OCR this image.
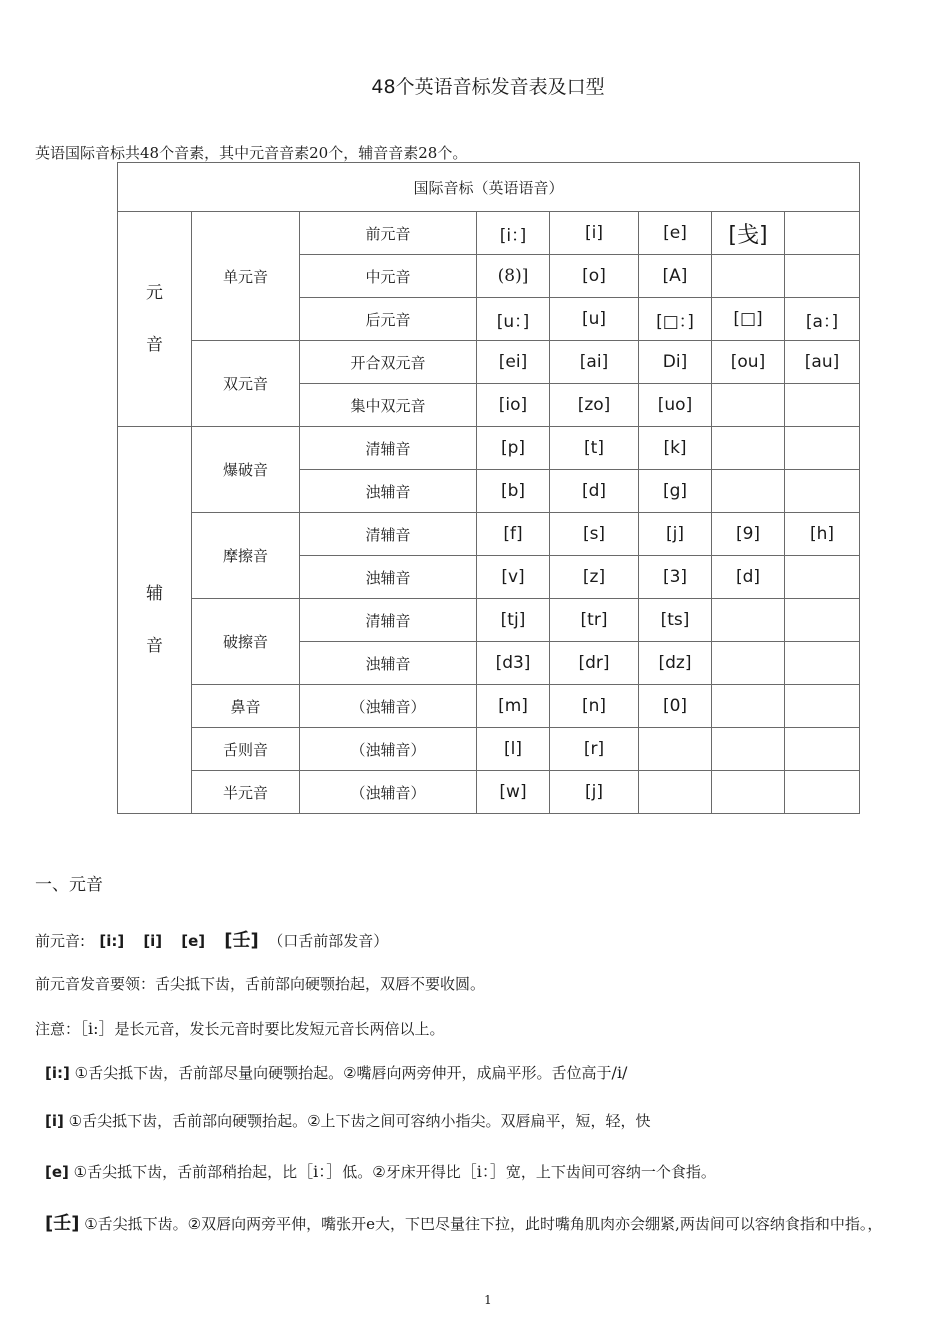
48个英语音标发音表及口型
英语国际音标共48个音素，其中元音音素20个，辅音音素28个。
国际音标（英语语音）							
元
音	单元音	前元音	[i：]	[i]	[e]	[戋]	
		中元音	(8)]	[o]	[A]		
		后元音	[u：]	[u]	[□：]	[□]	[a：]
	双元音	开合双元音	[ei]	[ai]	Di]	[ou]	[au]
		集中双元音	[io]	[zo]	[uo]		
辅
音	爆破音	清辅音	[p]	[t]	[k]		
		浊辅音	[b]	[d]	[g]		
	摩擦音	清辅音	[f]	[s]	[j]	[9]	[h]
		浊辅音	[v]	[z]	[3]	[d]	
	破擦音	清辅音	[tj]	[tr]	[ts]		
		浊辅音	[d3]	[dr]	[dz]		
	鼻音	（浊辅音）	[m]	[n]	[0]		
	舌则音	（浊辅音）	[l]	[r]			
	半元音	（浊辅音）	[w]	[j]			
一、元音
前元音: [i:] [i] [e] [壬] （口舌前部发音）
前元音发音要领：舌尖抵下齿，舌前部向硬颚抬起，双唇不要收圆。
注意：［i:］是长元音，发长元音时要比发短元音长两倍以上。
[i:] ①舌尖抵下齿，舌前部尽量向硬颚抬起。②嘴唇向两旁伸开，成扁平形。舌位高于/i/
[i] ①舌尖抵下齿，舌前部向硬颚抬起。②上下齿之间可容纳小指尖。双唇扁平，短，轻，快
[e] ①舌尖抵下齿，舌前部稍抬起，比［i：］低。②牙床开得比［i：］宽，上下齿间可容纳一个食指。
[壬] ①舌尖抵下齿。②双唇向两旁平伸，嘴张开e大，下巴尽量往下拉，此时嘴角肌肉亦会绷紧,两齿间可以容纳食指和中指。，
1
